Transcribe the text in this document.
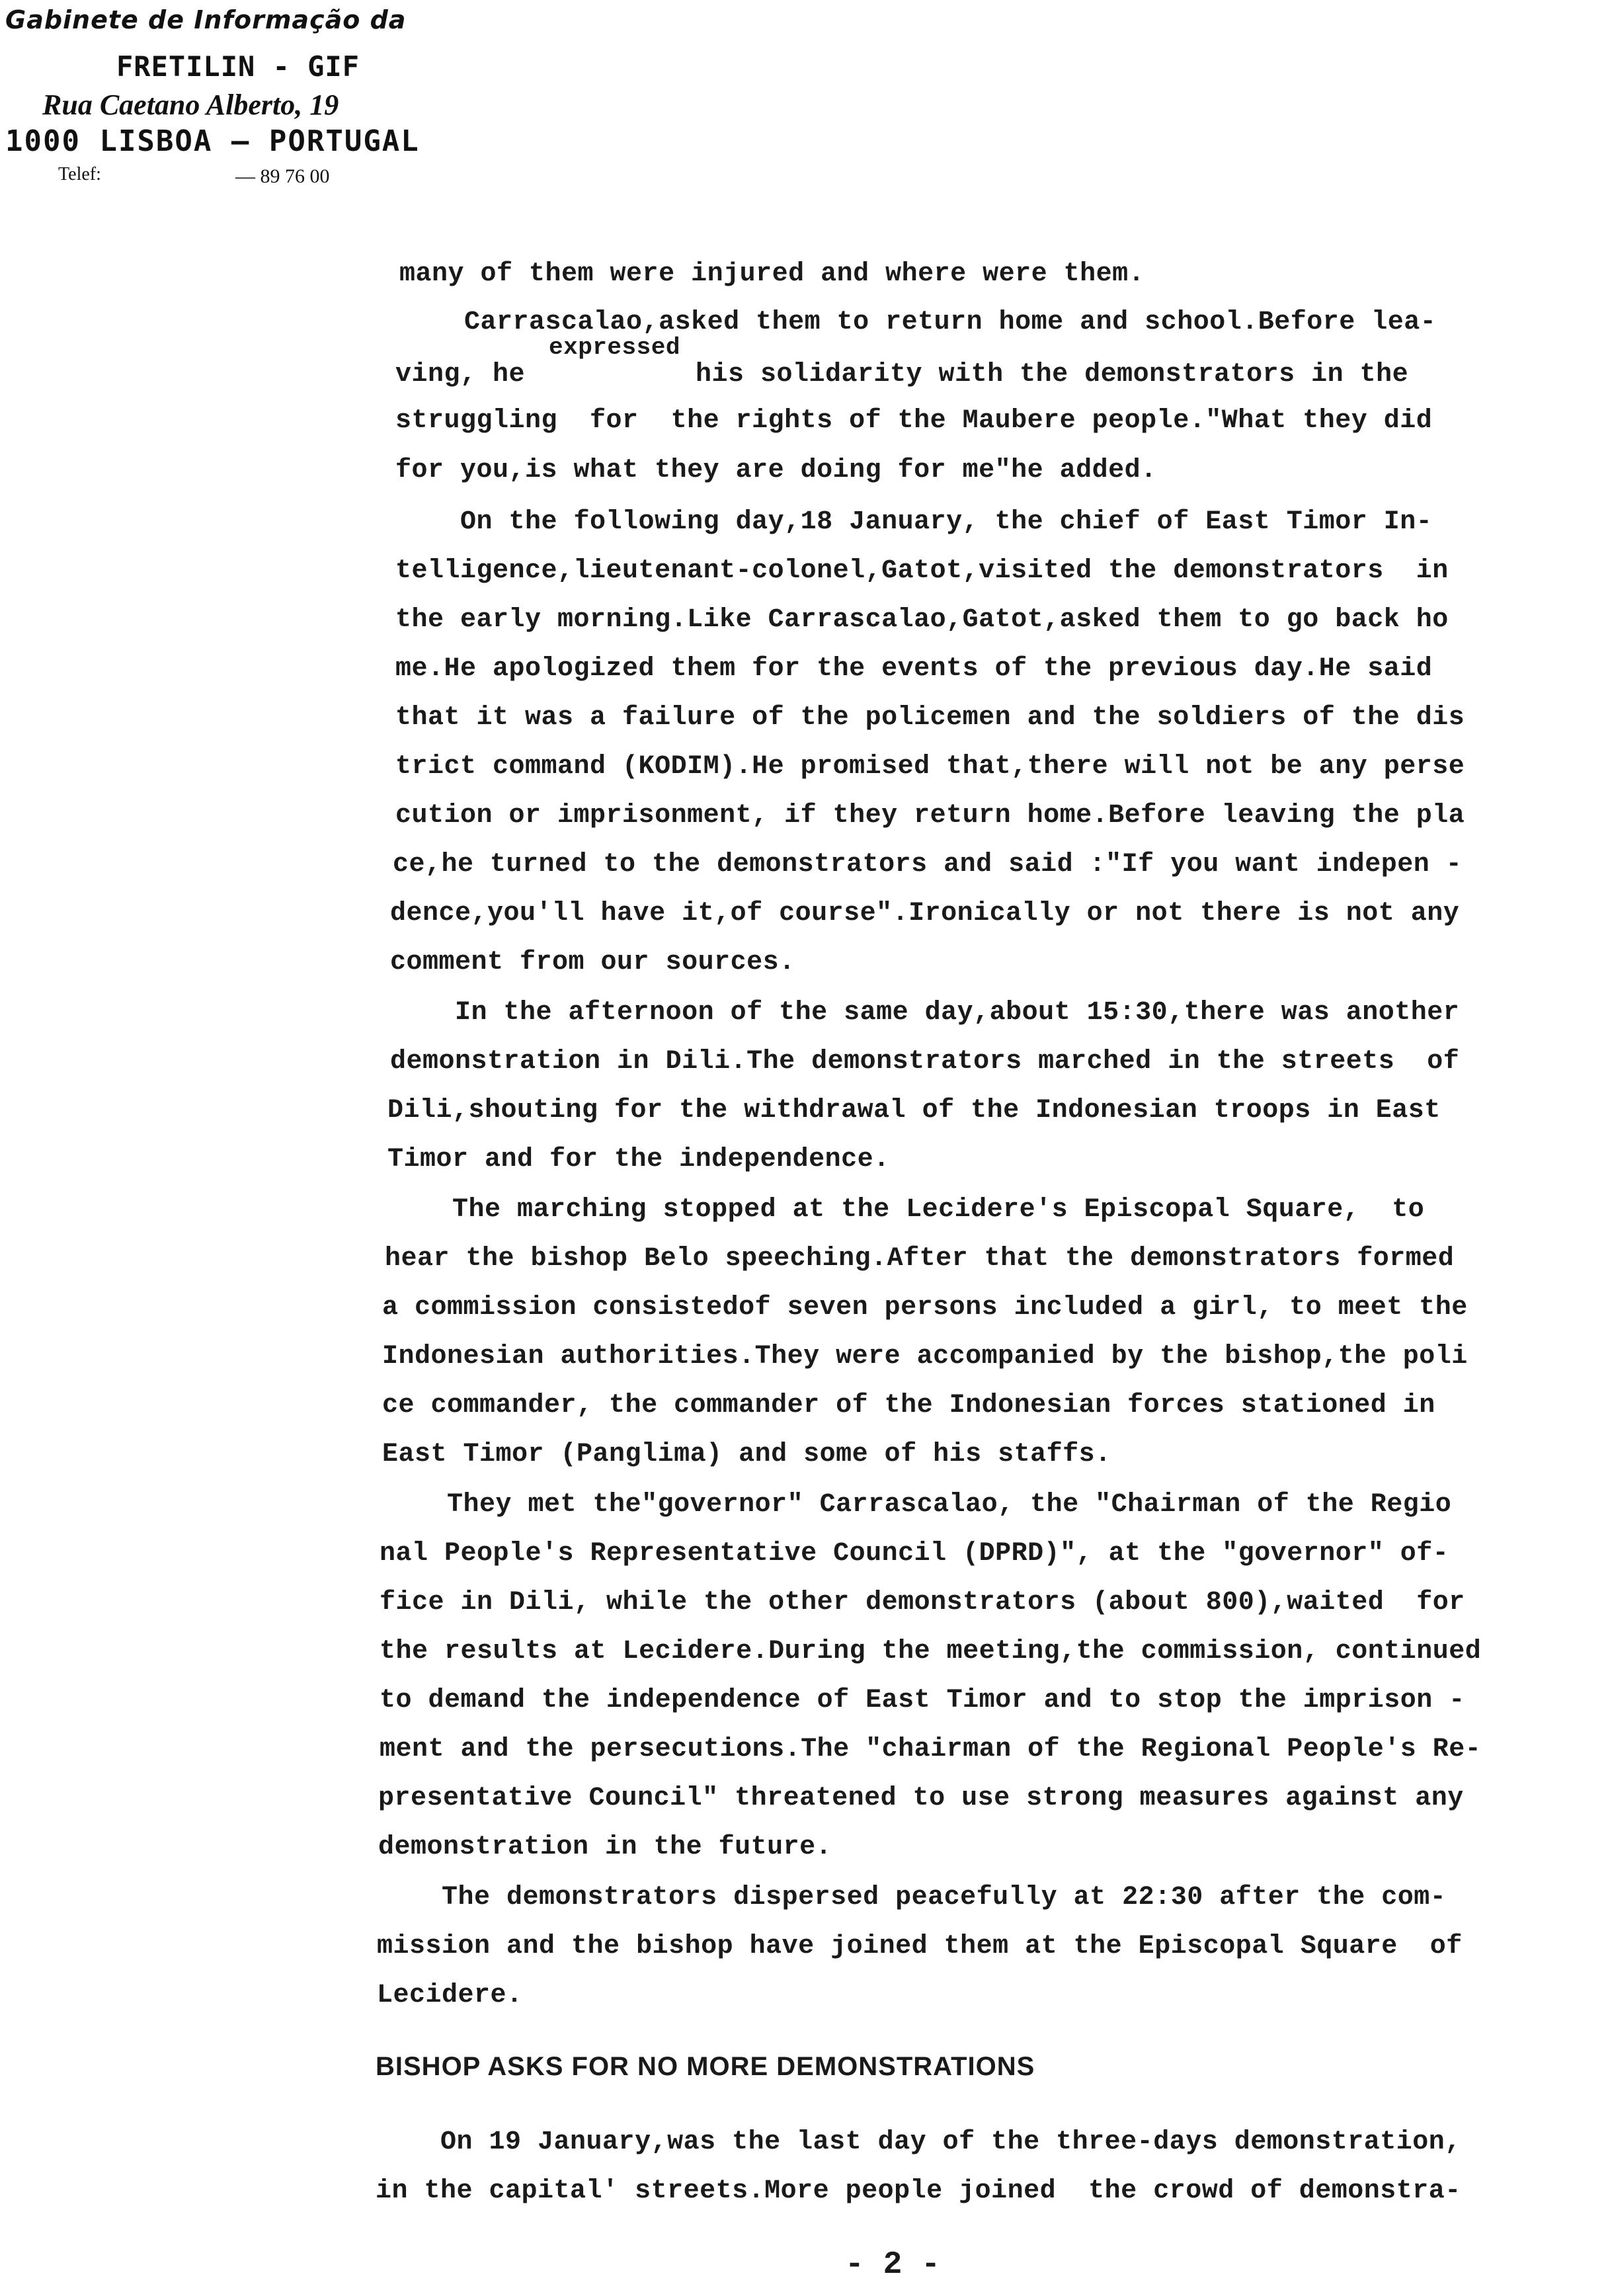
Gabinete de Informação da
FRETILIN - GIF
Rua Caetano Alberto, 19
1000 LISBOA — PORTUGAL
Telef:	— 89 76 00
many of them were injured and where were them.
Carrascalao,asked them to return home and school.Before lea-
ving, he
expressed
his solidarity with the demonstrators in the
struggling  for  the rights of the Maubere people."What they did
for you,is what they are doing for me"he added.
On the following day,18 January, the chief of East Timor In-
telligence,lieutenant-colonel,Gatot,visited the demonstrators  in
the early morning.Like Carrascalao,Gatot,asked them to go back ho
me.He apologized them for the events of the previous day.He said
that it was a failure of the policemen and the soldiers of the dis
trict command (KODIM).He promised that,there will not be any perse
cution or imprisonment, if they return home.Before leaving the pla
ce,he turned to the demonstrators and said :"If you want indepen -
dence,you'll have it,of course".Ironically or not there is not any
comment from our sources.
In the afternoon of the same day,about 15:30,there was another
demonstration in Dili.The demonstrators marched in the streets  of
Dili,shouting for the withdrawal of the Indonesian troops in East
Timor and for the independence.
The marching stopped at the Lecidere's Episcopal Square,  to
hear the bishop Belo speeching.After that the demonstrators formed
a commission consistedof seven persons included a girl, to meet the
Indonesian authorities.They were accompanied by the bishop,the poli
ce commander, the commander of the Indonesian forces stationed in
East Timor (Panglima) and some of his staffs.
They met the"governor" Carrascalao, the "Chairman of the Regio
nal People's Representative Council (DPRD)", at the "governor" of-
fice in Dili, while the other demonstrators (about 800),waited  for
the results at Lecidere.During the meeting,the commission, continued
to demand the independence of East Timor and to stop the imprison -
ment and the persecutions.The "chairman of the Regional People's Re-
presentative Council" threatened to use strong measures against any
demonstration in the future.
The demonstrators dispersed peacefully at 22:30 after the com-
mission and the bishop have joined them at the Episcopal Square  of
Lecidere.
BISHOP ASKS FOR NO MORE DEMONSTRATIONS
On 19 January,was the last day of the three-days demonstration,
in the capital' streets.More people joined  the crowd of demonstra-
- 2 -
